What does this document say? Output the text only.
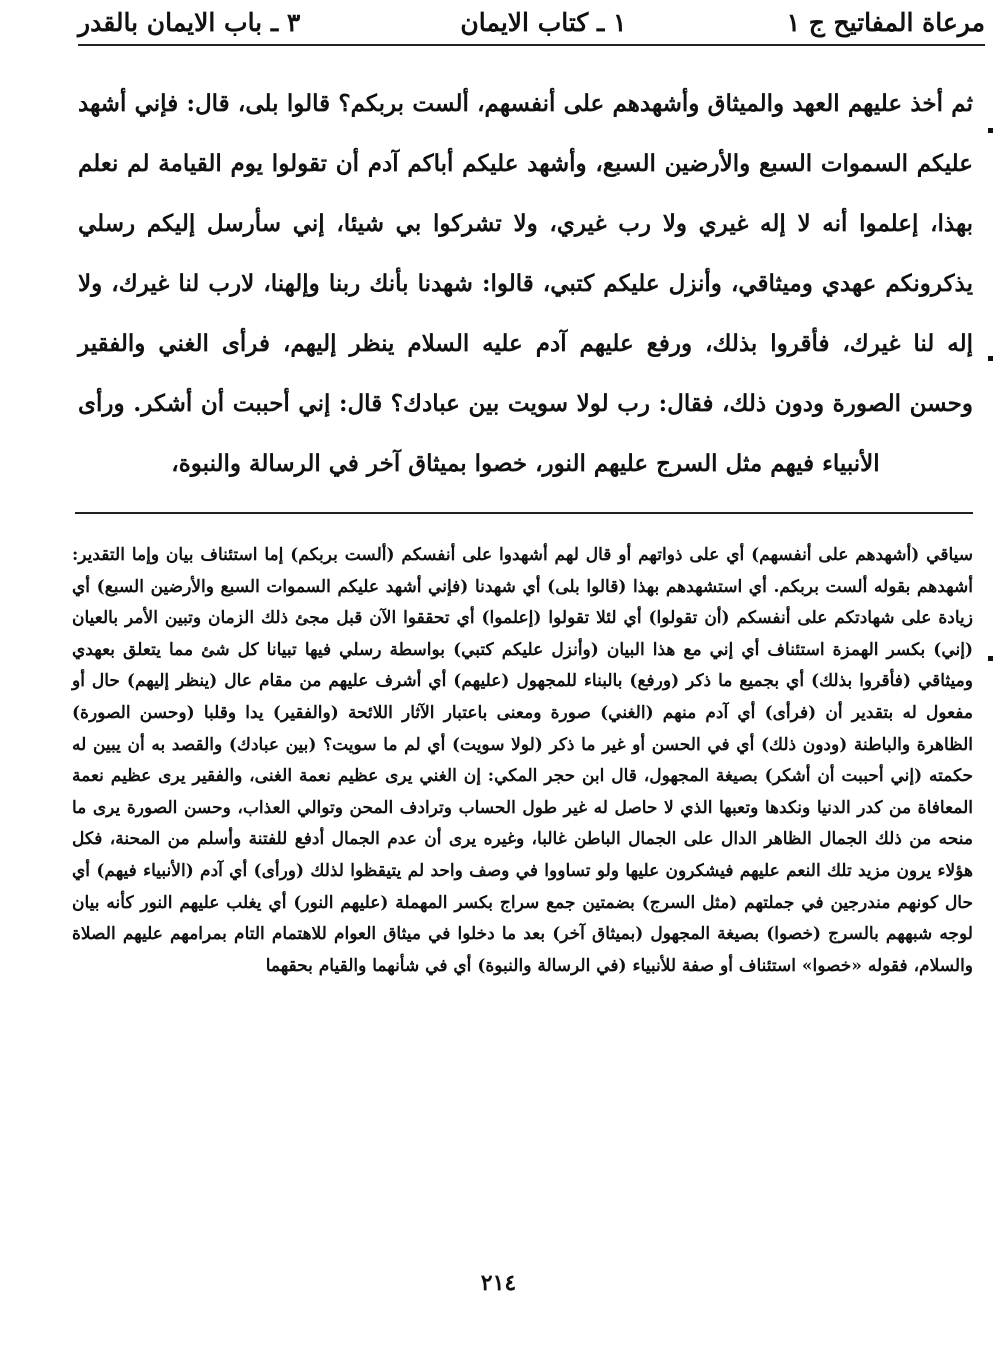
مرعاة المفاتيح ج ١
١ ـ كتاب الايمان
٣ ـ باب الايمان بالقدر

ثم أخذ عليهم العهد والميثاق وأشهدهم على أنفسهم، ألست بربكم؟ قالوا بلى، قال: فإني أشهد عليكم السموات السبع والأرضين السبع، وأشهد عليكم أباكم آدم أن تقولوا يوم القيامة لم نعلم بهذا، إعلموا أنه لا إله غيري ولا رب غيري، ولا تشركوا بي شيئا، إني سأرسل إليكم رسلي يذكرونكم عهدي وميثاقي، وأنزل عليكم كتبي، قالوا: شهدنا بأنك ربنا وإلهنا، لارب لنا غيرك، ولا إله لنا غيرك، فأقروا بذلك، ورفع عليهم آدم عليه السلام ينظر إليهم، فرأى الغني والفقير وحسن الصورة ودون ذلك، فقال: رب لولا سويت بين عبادك؟ قال: إني أحببت أن أشكر. ورأى الأنبياء فيهم مثل السرج عليهم النور، خصوا بميثاق آخر في الرسالة والنبوة،

سياقي (أشهدهم على أنفسهم) أي على ذواتهم أو قال لهم أشهدوا على أنفسكم (ألست بربكم) إما استئناف بيان وإما التقدير: أشهدهم بقوله ألست بربكم. أي استشهدهم بهذا (قالوا بلى) أي شهدنا (فإني أشهد عليكم السموات السبع والأرضين السبع) أي زيادة على شهادتكم على أنفسكم (أن تقولوا) أي لئلا تقولوا (إعلموا) أي تحققوا الآن قبل مجئ ذلك الزمان وتبين الأمر بالعيان (إني) بكسر الهمزة استئناف أي إني مع هذا البيان (وأنزل عليكم كتبي) بواسطة رسلي فيها تبيانا كل شئ مما يتعلق بعهدي وميثاقي (فأقروا بذلك) أي بجميع ما ذكر (ورفع) بالبناء للمجهول (عليهم) أي أشرف عليهم من مقام عال (ينظر إليهم) حال أو مفعول له بتقدير أن (فرأى) أي آدم منهم (الغني) صورة ومعنى باعتبار الآثار اللائحة (والفقير) يدا وقلبا (وحسن الصورة) الظاهرة والباطنة (ودون ذلك) أي في الحسن أو غير ما ذكر (لولا سويت) أي لم ما سويت؟ (بين عبادك) والقصد به أن يبين له حكمته (إني أحببت أن أشكر) بصيغة المجهول، قال ابن حجر المكي: إن الغني يرى عظيم نعمة الغنى، والفقير يرى عظيم نعمة المعافاة من كدر الدنيا ونكدها وتعبها الذي لا حاصل له غير طول الحساب وترادف المحن وتوالي العذاب، وحسن الصورة يرى ما منحه من ذلك الجمال الظاهر الدال على الجمال الباطن غالبا، وغيره يرى أن عدم الجمال أدفع للفتنة وأسلم من المحنة، فكل هؤلاء يرون مزيد تلك النعم عليهم فيشكرون عليها ولو تساووا في وصف واحد لم يتيقظوا لذلك (ورأى) أي آدم (الأنبياء فيهم) أي حال كونهم مندرجين في جملتهم (مثل السرج) بضمتين جمع سراج بكسر المهملة (عليهم النور) أي يغلب عليهم النور كأنه بيان لوجه شبههم بالسرج (خصوا) بصيغة المجهول (بميثاق آخر) بعد ما دخلوا في ميثاق العوام للاهتمام التام بمرامهم عليهم الصلاة والسلام، فقوله «خصوا» استئناف أو صفة للأنبياء (في الرسالة والنبوة) أي في شأنهما والقيام بحقهما

٢١٤
